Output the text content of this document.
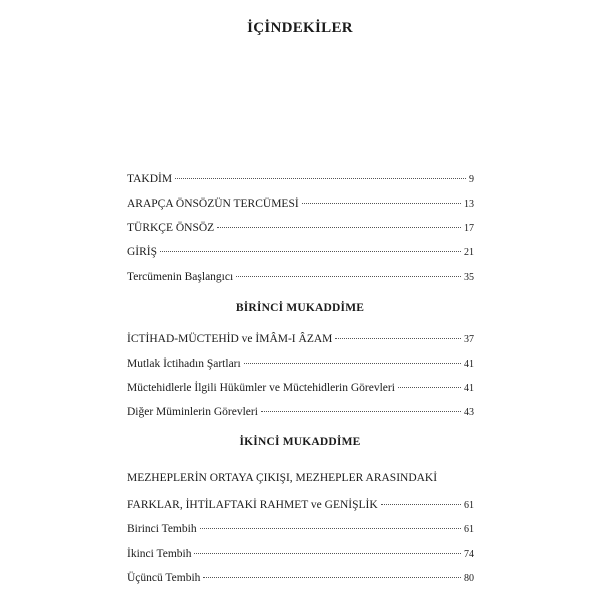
İÇİNDEKİLER
TAKDİM	9
ARAPÇA ÖNSÖZÜN TERCÜMESİ	13
TÜRKÇE ÖNSÖZ	17
GİRİŞ	21
Tercümenin Başlangıcı	35
BİRİNCİ MUKADDİME
İCTİHAD-MÜCTEHİD ve İMÂM-I ÂZAM	37
Mutlak İctihadın Şartları	41
Müctehidlerle İlgili Hükümler ve Müctehidlerin Görevleri	41
Diğer Müminlerin Görevleri	43
İKİNCİ MUKADDİME
MEZHEPLERİN ORTAYA ÇIKIŞI, MEZHEPLER ARASINDAKİ
FARKLAR, İHTİLAFTAKİ RAHMET ve GENİŞLİK	61
Birinci Tembih	61
İkinci Tembih	74
Üçüncü Tembih	80
